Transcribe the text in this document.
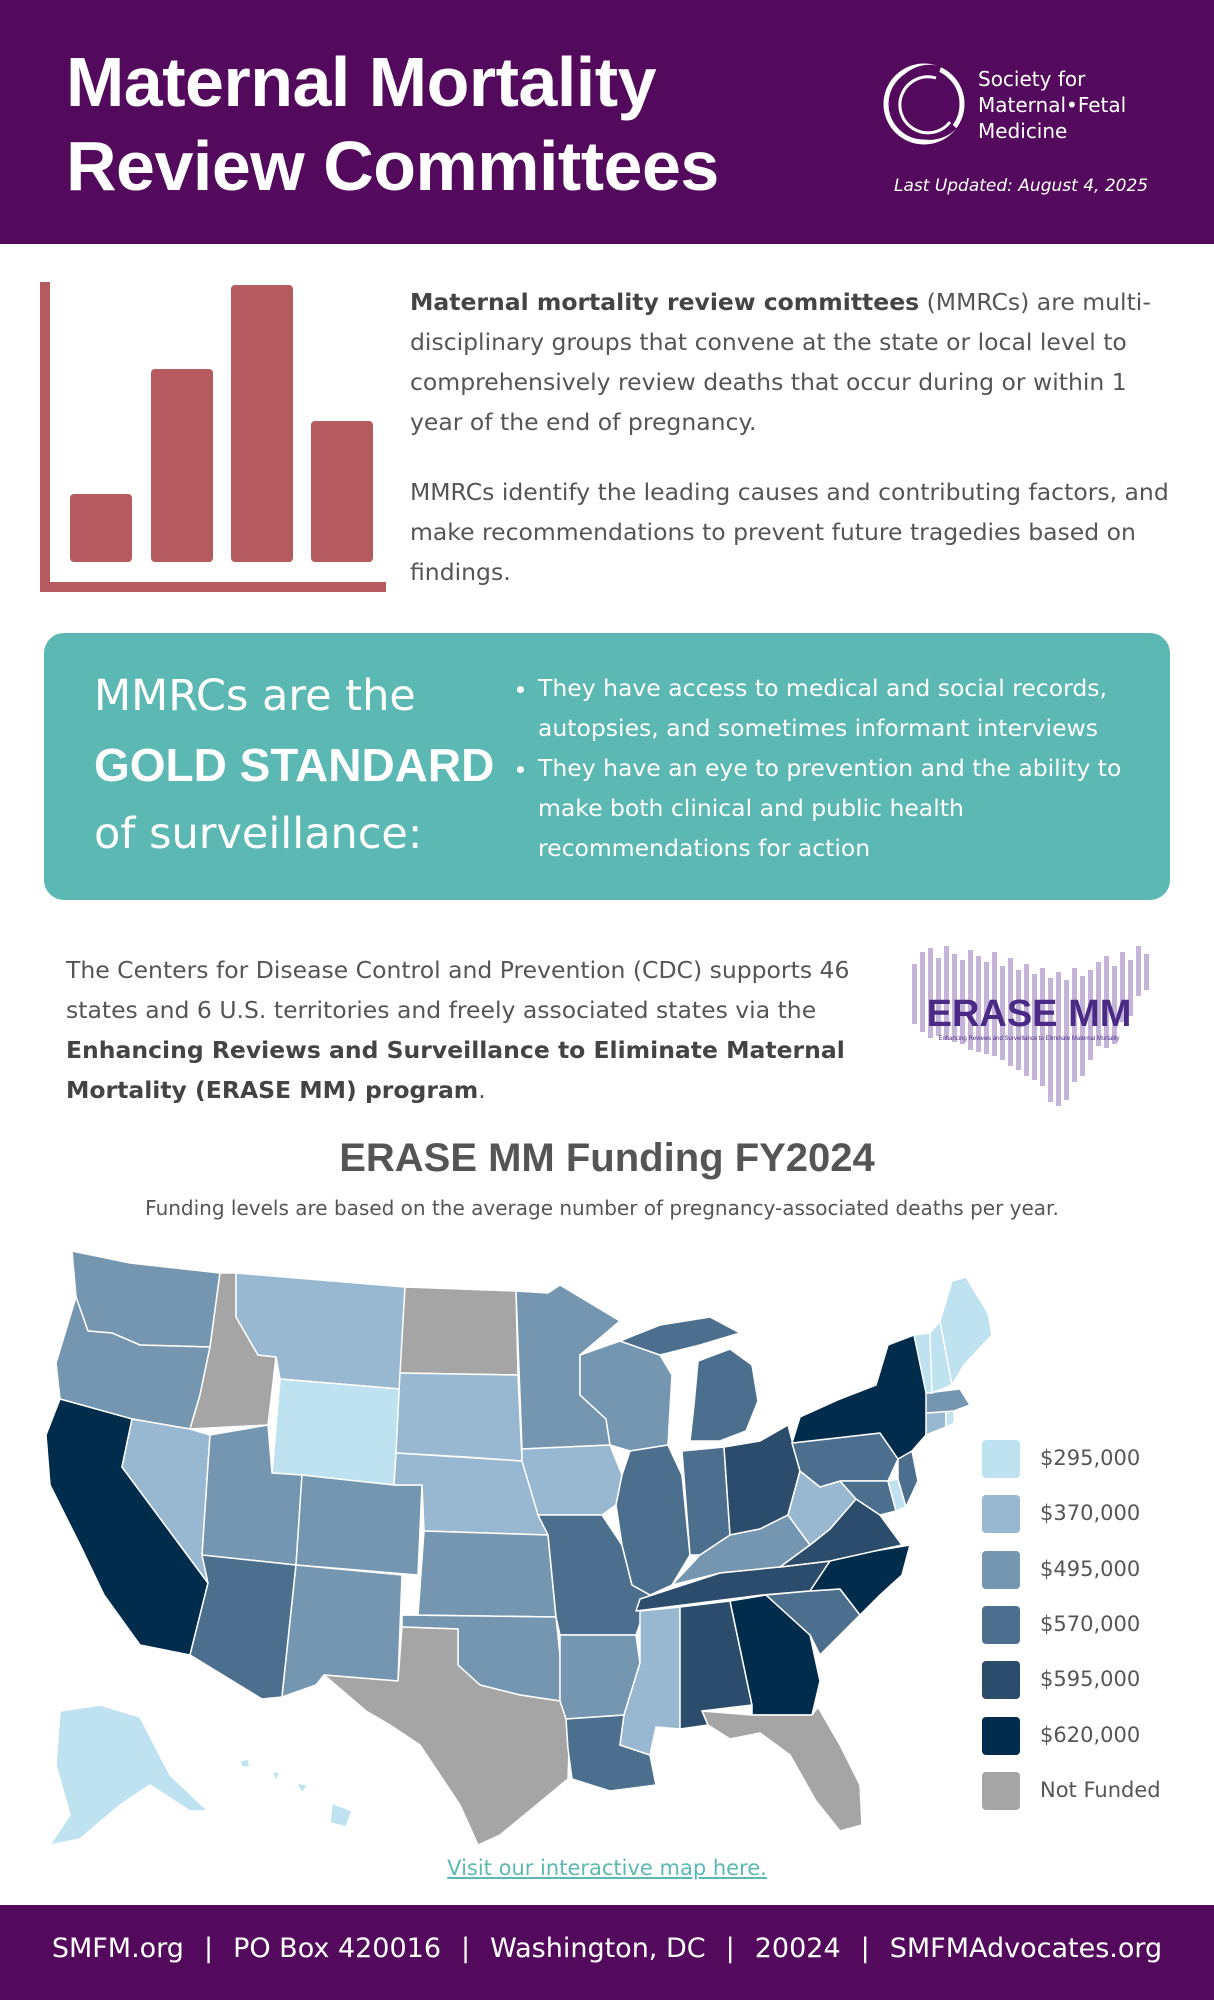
Maternal Mortality
Review Committees
Society for
Maternal•Fetal
Medicine
Last Updated: August 4, 2025

Maternal mortality review committees (MMRCs) are multi-disciplinary groups that convene at the state or local level to comprehensively review deaths that occur during or within 1 year of the end of pregnancy.

MMRCs identify the leading causes and contributing factors, and make recommendations to prevent future tragedies based on findings.

MMRCs are the
GOLD STANDARD
of surveillance:
• They have access to medical and social records, autopsies, and sometimes informant interviews
• They have an eye to prevention and the ability to make both clinical and public health recommendations for action
The Centers for Disease Control and Prevention (CDC) supports 46 states and 6 U.S. territories and freely associated states via the Enhancing Reviews and Surveillance to Eliminate Maternal Mortality (ERASE MM) program.
ERASE MM
Enhancing Reviews and Surveillance to Eliminate Maternal Mortality
ERASE MM Funding FY2024
Funding levels are based on the average number of pregnancy-associated deaths per year.
$295,000
$370,000
$495,000
$570,000
$595,000
$620,000
Not Funded
Visit our interactive map here.
SMFM.org | PO Box 420016 | Washington, DC | 20024 | SMFMAdvocates.org
